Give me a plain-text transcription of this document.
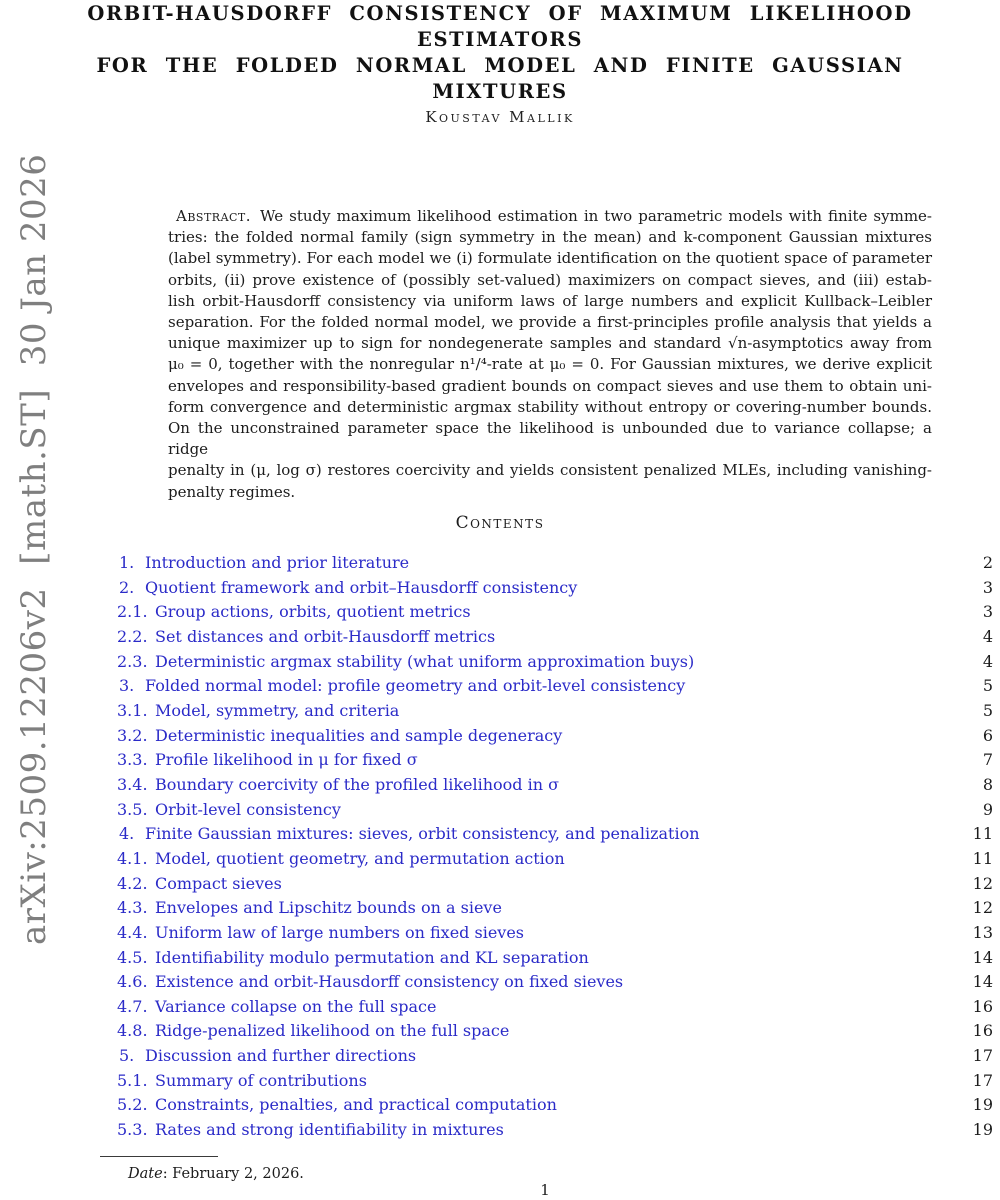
arXiv:2509.12206v2  [math.ST]  30 Jan 2026
ORBIT-HAUSDORFF CONSISTENCY OF MAXIMUM LIKELIHOOD
ESTIMATORS
FOR THE FOLDED NORMAL MODEL AND FINITE GAUSSIAN MIXTURES
Koustav Mallik
Abstract. We study maximum likelihood estimation in two parametric models with finite symme-
tries: the folded normal family (sign symmetry in the mean) and k-component Gaussian mixtures
(label symmetry). For each model we (i) formulate identification on the quotient space of parameter
orbits, (ii) prove existence of (possibly set-valued) maximizers on compact sieves, and (iii) estab-
lish orbit-Hausdorff consistency via uniform laws of large numbers and explicit Kullback–Leibler
separation. For the folded normal model, we provide a first-principles profile analysis that yields a
unique maximizer up to sign for nondegenerate samples and standard √n-asymptotics away from
μ₀ = 0, together with the nonregular n¹/⁴-rate at μ₀ = 0. For Gaussian mixtures, we derive explicit
envelopes and responsibility-based gradient bounds on compact sieves and use them to obtain uni-
form convergence and deterministic argmax stability without entropy or covering-number bounds.
On the unconstrained parameter space the likelihood is unbounded due to variance collapse; a ridge
penalty in (μ, log σ) restores coercivity and yields consistent penalized MLEs, including vanishing-
penalty regimes.
Contents
1. Introduction and prior literature	2
2. Quotient framework and orbit–Hausdorff consistency	3
2.1. Group actions, orbits, quotient metrics	3
2.2. Set distances and orbit-Hausdorff metrics	4
2.3. Deterministic argmax stability (what uniform approximation buys)	4
3. Folded normal model: profile geometry and orbit-level consistency	5
3.1. Model, symmetry, and criteria	5
3.2. Deterministic inequalities and sample degeneracy	6
3.3. Profile likelihood in μ for fixed σ	7
3.4. Boundary coercivity of the profiled likelihood in σ	8
3.5. Orbit-level consistency	9
4. Finite Gaussian mixtures: sieves, orbit consistency, and penalization	11
4.1. Model, quotient geometry, and permutation action	11
4.2. Compact sieves	12
4.3. Envelopes and Lipschitz bounds on a sieve	12
4.4. Uniform law of large numbers on fixed sieves	13
4.5. Identifiability modulo permutation and KL separation	14
4.6. Existence and orbit-Hausdorff consistency on fixed sieves	14
4.7. Variance collapse on the full space	16
4.8. Ridge-penalized likelihood on the full space	16
5. Discussion and further directions	17
5.1. Summary of contributions	17
5.2. Constraints, penalties, and practical computation	19
5.3. Rates and strong identifiability in mixtures	19
Date: February 2, 2026.
1
